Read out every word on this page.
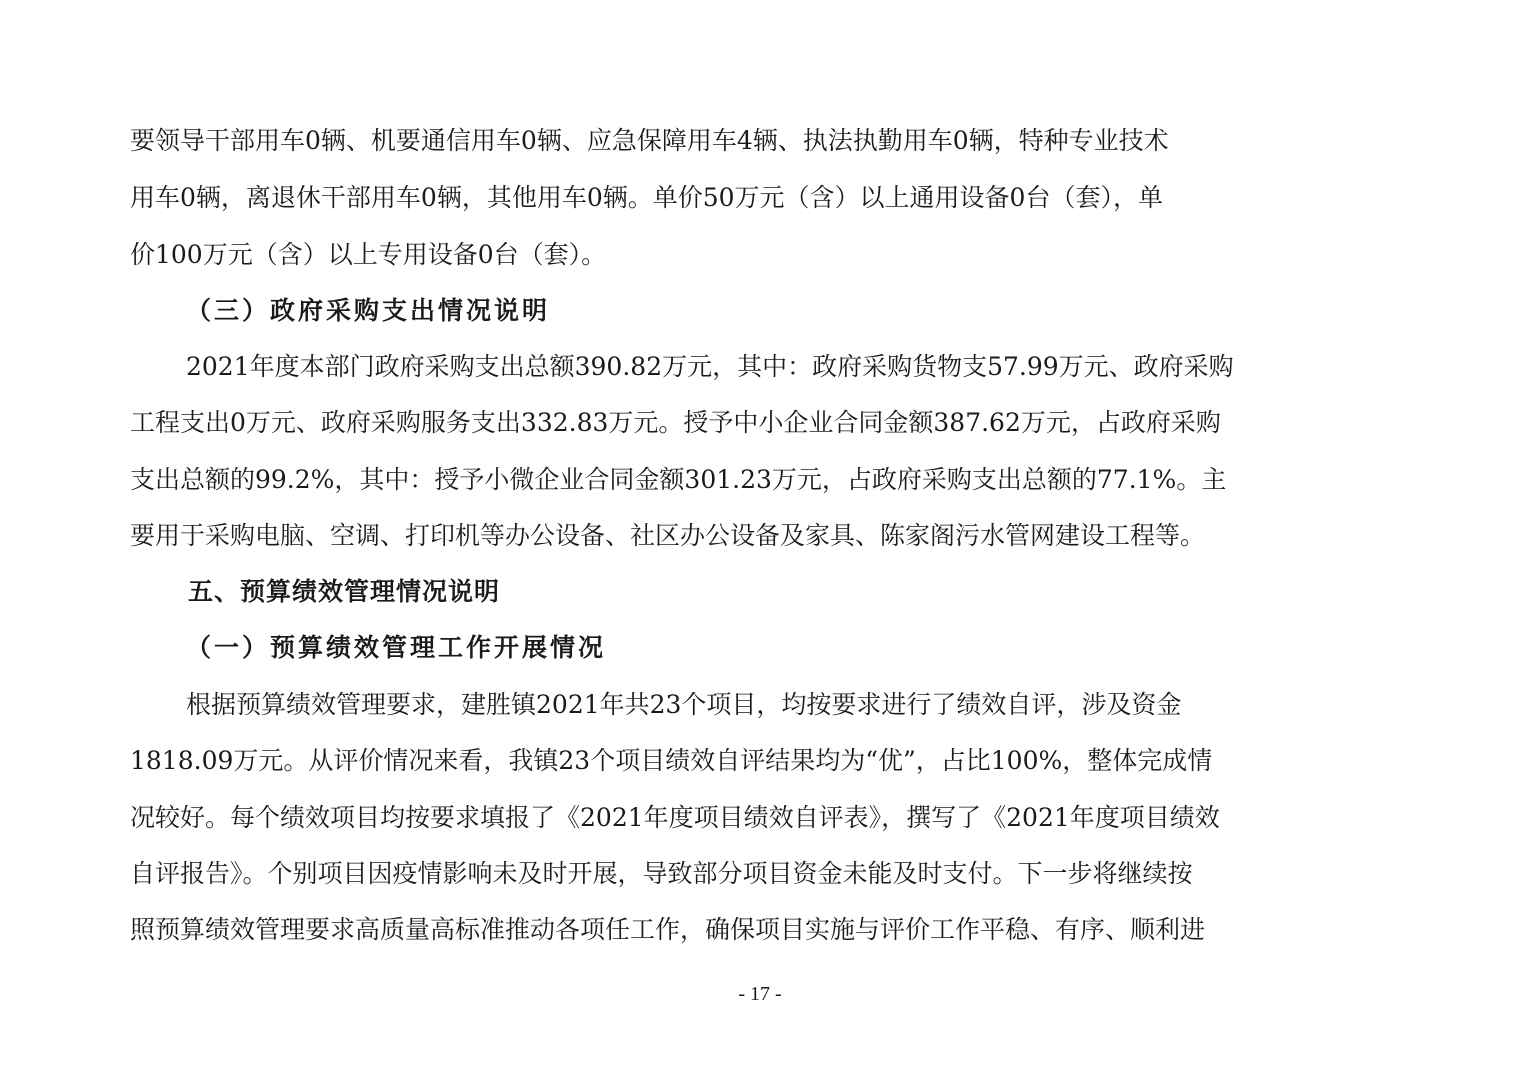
要领导干部用车0辆、机要通信用车0辆、应急保障用车4辆、执法执勤用车0辆，特种专业技术
用车0辆，离退休干部用车0辆，其他用车0辆。单价50万元（含）以上通用设备0台（套），单
价100万元（含）以上专用设备0台（套）。
（三）政府采购支出情况说明
2021年度本部门政府采购支出总额390.82万元，其中：政府采购货物支57.99万元、政府采购
工程支出0万元、政府采购服务支出332.83万元。授予中小企业合同金额387.62万元，占政府采购
支出总额的99.2%，其中：授予小微企业合同金额301.23万元，占政府采购支出总额的77.1%。主
要用于采购电脑、空调、打印机等办公设备、社区办公设备及家具、陈家阁污水管网建设工程等。
五、预算绩效管理情况说明
（一）预算绩效管理工作开展情况
根据预算绩效管理要求，建胜镇2021年共23个项目，均按要求进行了绩效自评，涉及资金
1818.09万元。从评价情况来看，我镇23个项目绩效自评结果均为“优”，占比100%，整体完成情
况较好。每个绩效项目均按要求填报了《2021年度项目绩效自评表》，撰写了《2021年度项目绩效
自评报告》。个别项目因疫情影响未及时开展，导致部分项目资金未能及时支付。下一步将继续按
照预算绩效管理要求高质量高标准推动各项任工作，确保项目实施与评价工作平稳、有序、顺利进
- 17 -
